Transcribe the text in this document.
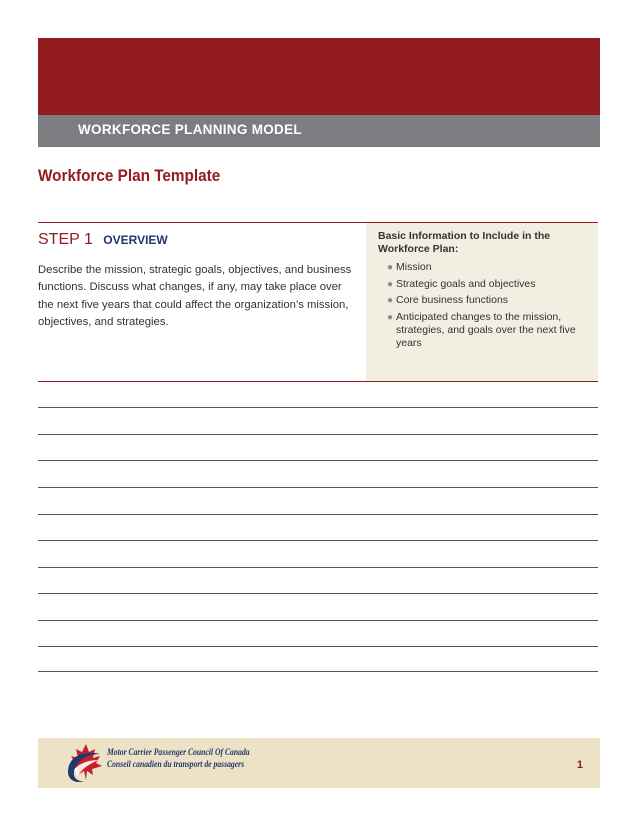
WORKFORCE PLANNING MODEL
Workforce Plan Template
STEP 1 OVERVIEW
Describe the mission, strategic goals, objectives, and business functions. Discuss what changes, if any, may take place over the next five years that could affect the organization’s mission, objectives, and strategies.
Basic Information to Include in the Workforce Plan:
● Mission
● Strategic goals and objectives
● Core business functions
● Anticipated changes to the mission, strategies, and goals over the next five years
Motor Carrier Passenger Council Of Canada
Conseil canadien du transport de passagers	1
